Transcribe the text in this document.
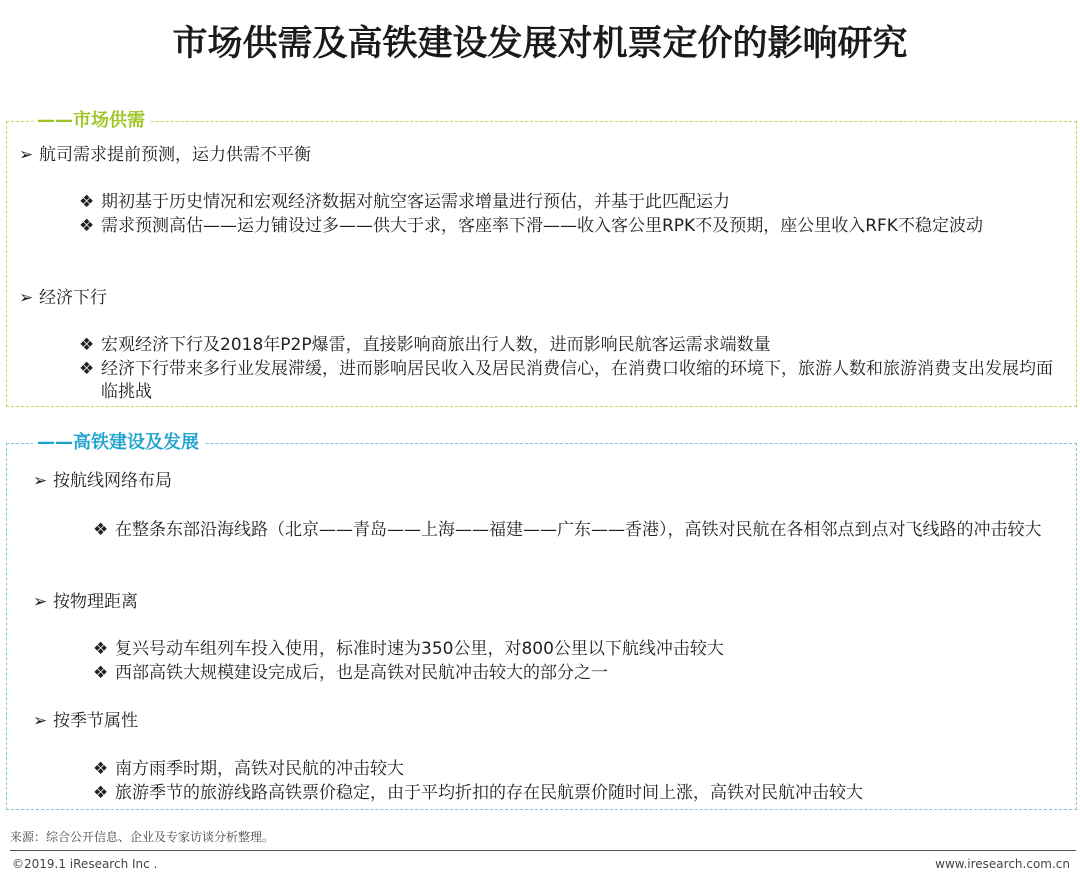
市场供需及高铁建设发展对机票定价的影响研究
——市场供需
➢ 航司需求提前预测，运力供需不平衡
❖ 期初基于历史情况和宏观经济数据对航空客运需求增量进行预估，并基于此匹配运力
❖ 需求预测高估——运力铺设过多——供大于求，客座率下滑——收入客公里RPK不及预期，座公里收入RFK不稳定波动
➢ 经济下行
❖ 宏观经济下行及2018年P2P爆雷，直接影响商旅出行人数，进而影响民航客运需求端数量
❖ 经济下行带来多行业发展滞缓，进而影响居民收入及居民消费信心，在消费口收缩的环境下，旅游人数和旅游消费支出发展均面临挑战
——高铁建设及发展
➢ 按航线网络布局
❖ 在整条东部沿海线路（北京——青岛——上海——福建——广东——香港），高铁对民航在各相邻点到点对飞线路的冲击较大
➢ 按物理距离
❖ 复兴号动车组列车投入使用，标准时速为350公里，对800公里以下航线冲击较大
❖ 西部高铁大规模建设完成后，也是高铁对民航冲击较大的部分之一
➢ 按季节属性
❖ 南方雨季时期，高铁对民航的冲击较大
❖ 旅游季节的旅游线路高铁票价稳定，由于平均折扣的存在民航票价随时间上涨，高铁对民航冲击较大
来源：综合公开信息、企业及专家访谈分析整理。
©2019.1 iResearch Inc .	www.iresearch.com.cn
